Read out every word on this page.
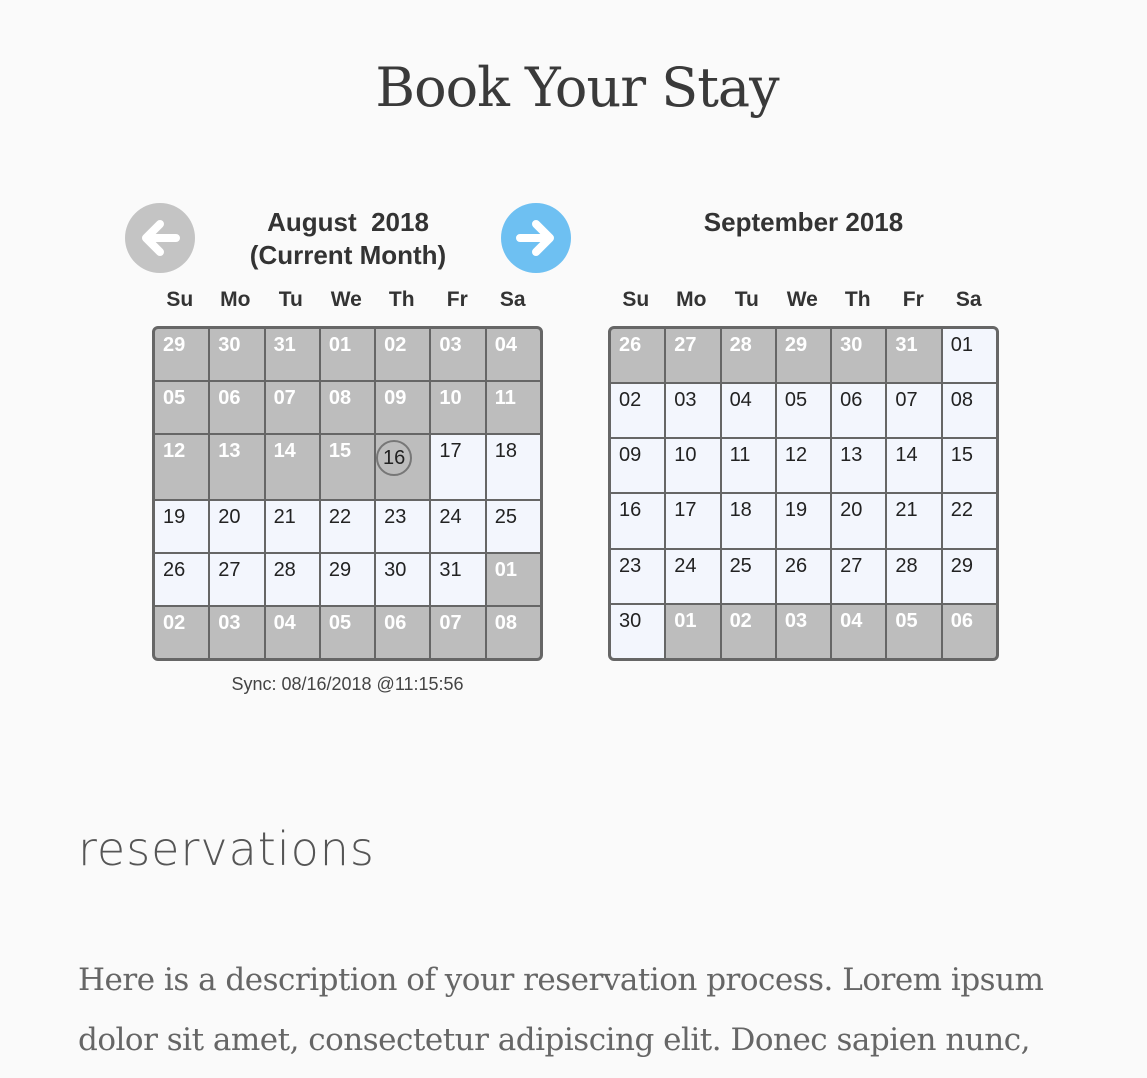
Book Your Stay
August  2018
(Current Month)
September 2018
Su	Mo	Tu	We	Th	Fr	Sa	Su	Mo	Tu	We	Th	Fr	Sa
29	30	31	01	02	03	04
05	06	07	08	09	10	11
12	13	14	15	16	17	18
19	20	21	22	23	24	25
26	27	28	29	30	31	01
02	03	04	05	06	07	08
26	27	28	29	30	31	01
02	03	04	05	06	07	08
09	10	11	12	13	14	15
16	17	18	19	20	21	22
23	24	25	26	27	28	29
30	01	02	03	04	05	06
Sync: 08/16/2018 @11:15:56
reservations
Here is a description of your reservation process. Lorem ipsum dolor sit amet, consectetur adipiscing elit. Donec sapien nunc,
